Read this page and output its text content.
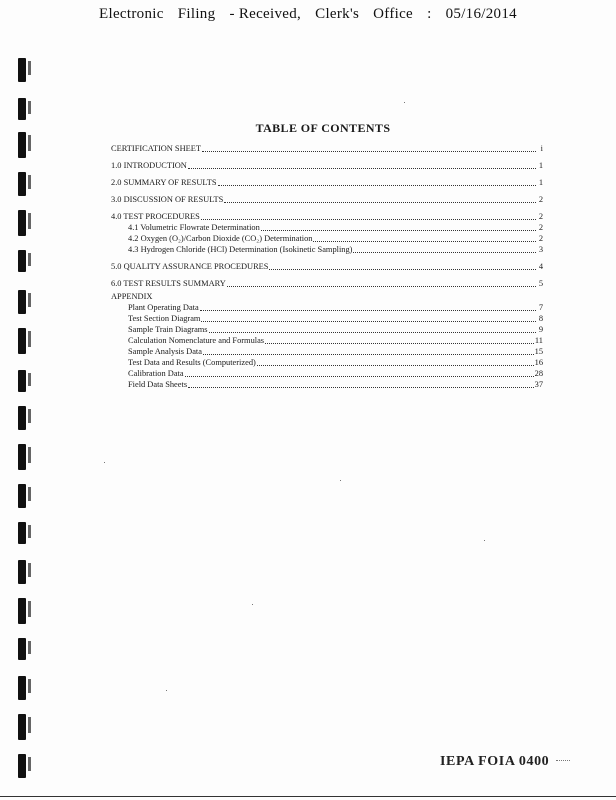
Electronic Filing - Received, Clerk's Office : 05/16/2014
TABLE OF CONTENTS
CERTIFICATION SHEET	i
1.0 INTRODUCTION	1
2.0 SUMMARY OF RESULTS	1
3.0 DISCUSSION OF RESULTS	2
4.0 TEST PROCEDURES	2
4.1 Volumetric Flowrate Determination	2
4.2 Oxygen (O₂)/Carbon Dioxide (CO₂) Determination	2
4.3 Hydrogen Chloride (HCl) Determination (Isokinetic Sampling)	3
5.0 QUALITY ASSURANCE PROCEDURES	4
6.0 TEST RESULTS SUMMARY	5
APPENDIX
Plant Operating Data	7
Test Section Diagram	8
Sample Train Diagrams	9
Calculation Nomenclature and Formulas	11
Sample Analysis Data	15
Test Data and Results (Computerized)	16
Calibration Data	28
Field Data Sheets	37
IEPA FOIA 0400
